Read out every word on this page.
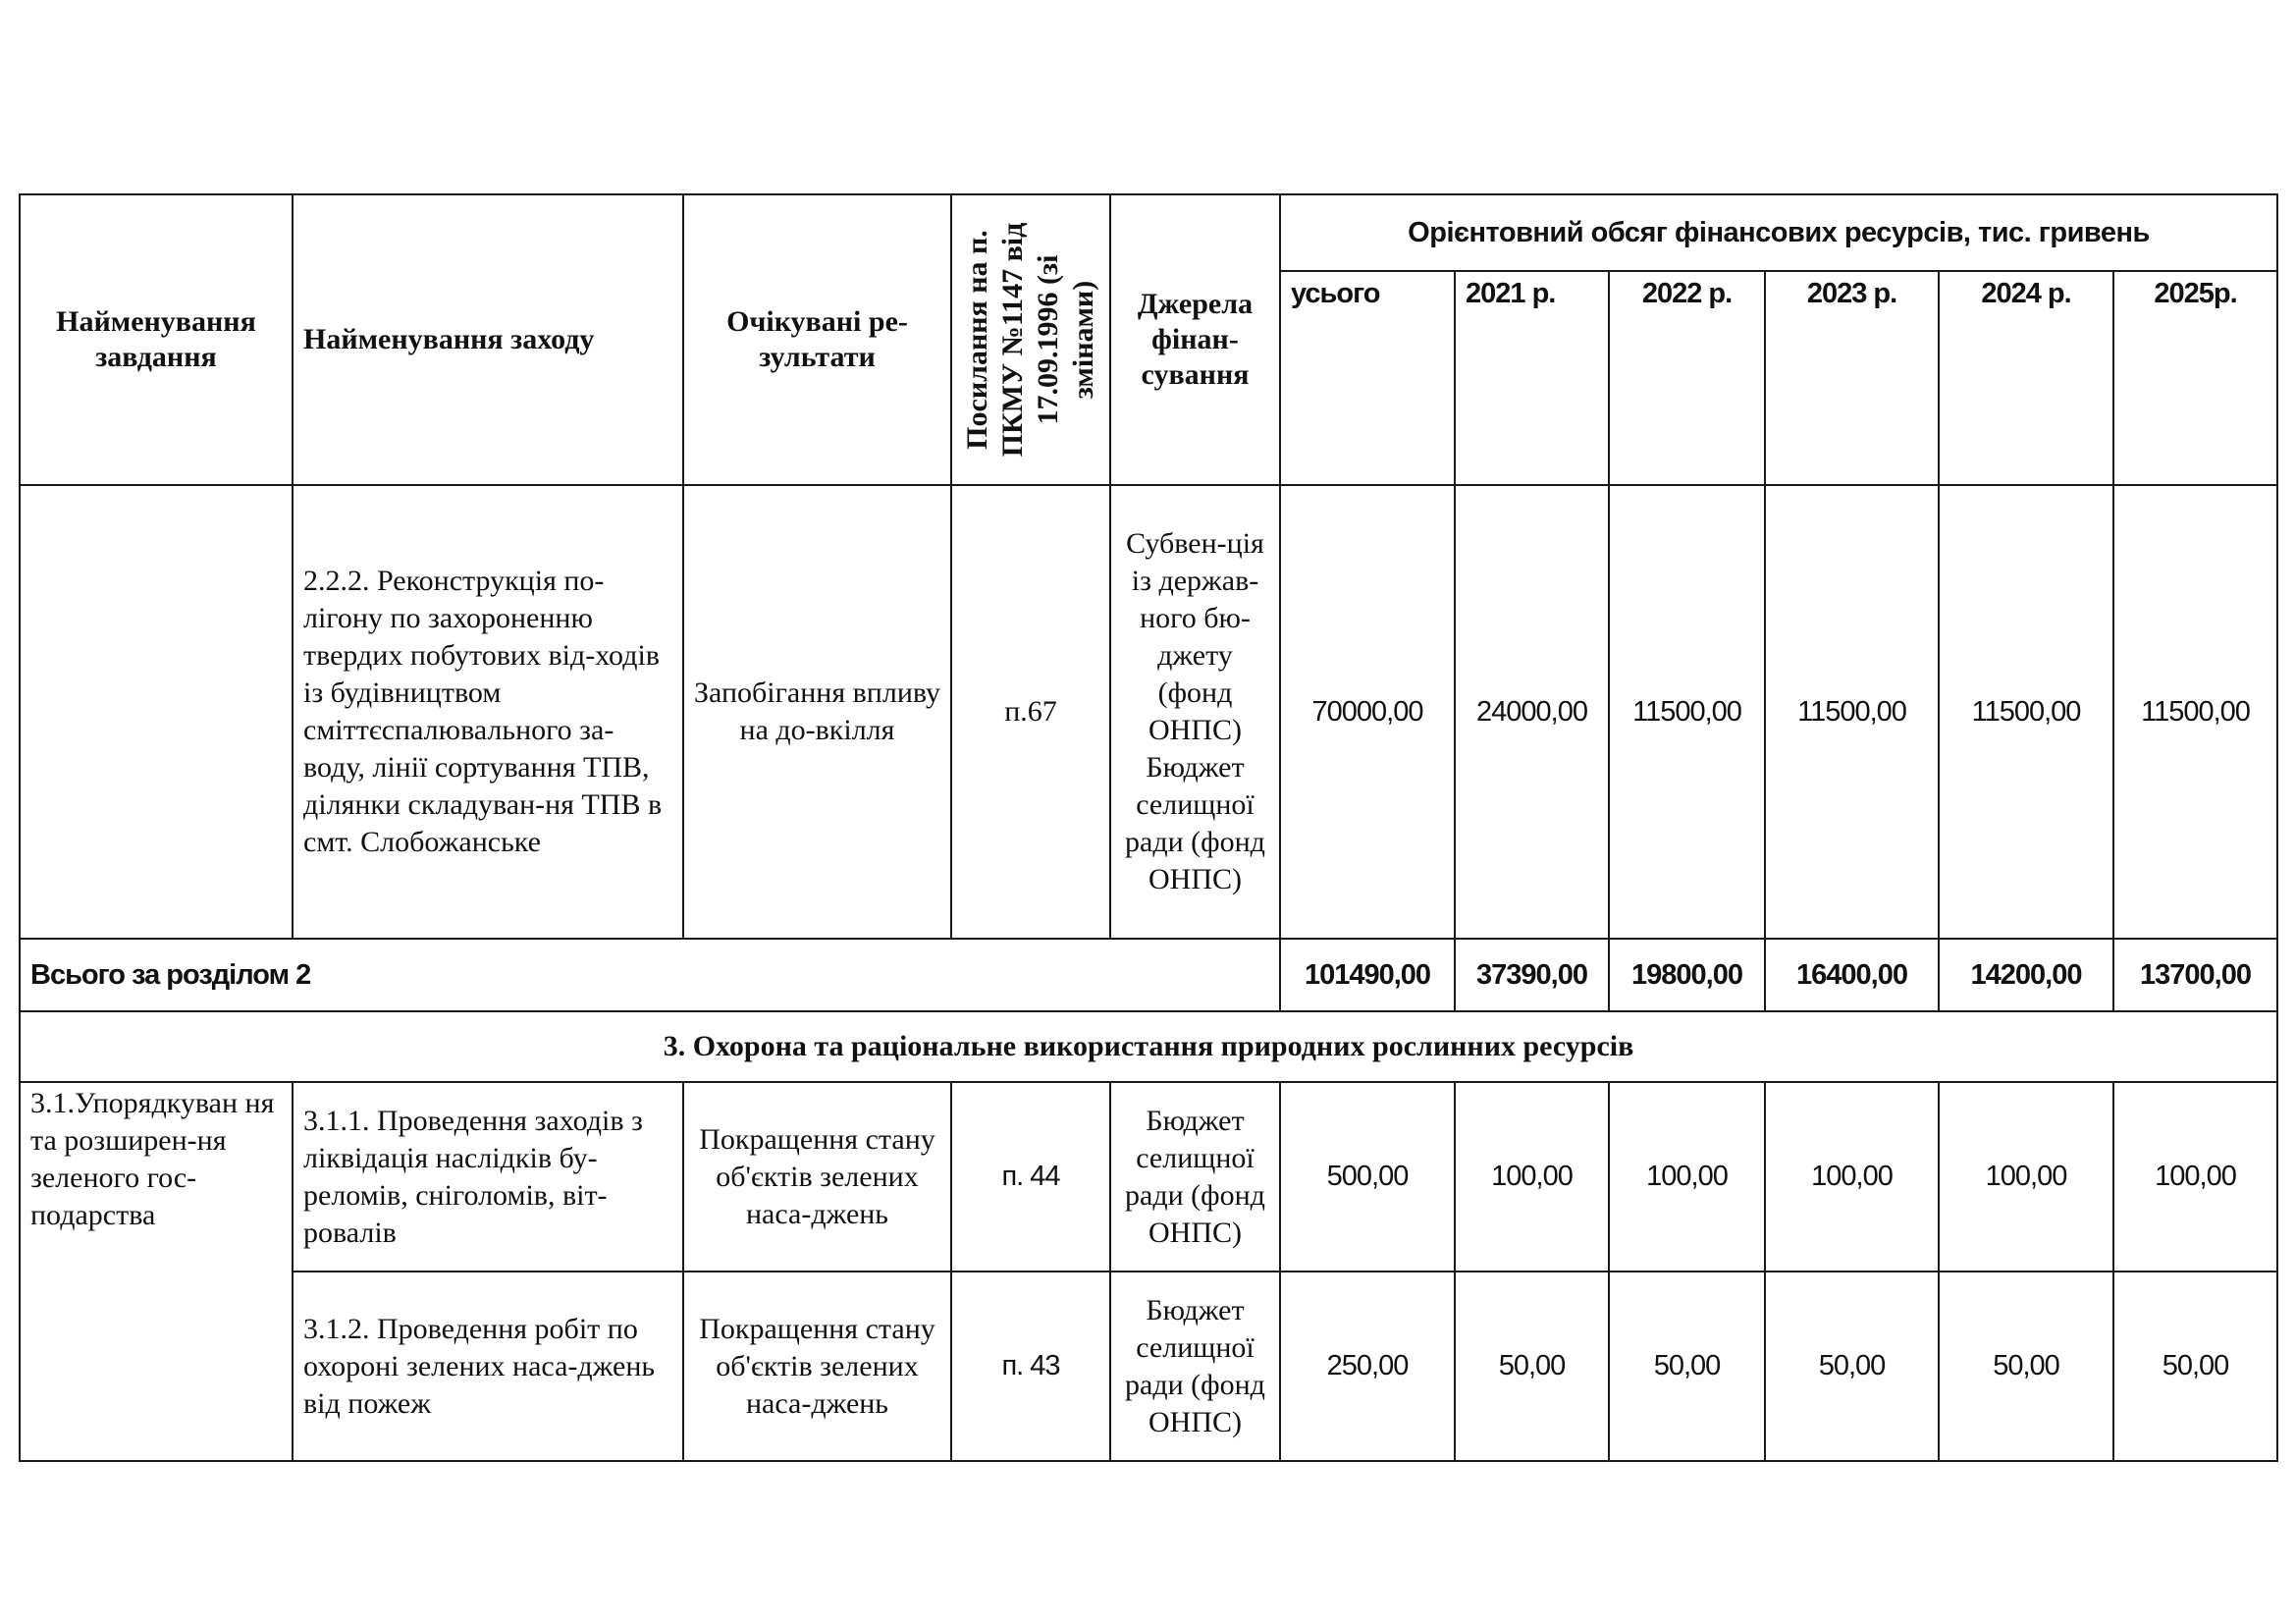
Найменування завдання	Найменування заходу	Очікувані ре-зультати	Посилання на п. ПКМУ №1147 від 17.09.1996 (зі змінами)	Джерела фінан-сування	Орієнтовний обсяг фінансових ресурсів, тис. гривень					
					усього	2021 р.	2022 р.	2023 р.	2024 р.	2025р.
	2.2.2. Реконструкція по-лігону по захороненню твердих побутових від-ходів із будівництвом сміттєспалювального за-воду, лінії сортування ТПВ, ділянки складуван-ня ТПВ в смт. Слобожанське	Запобігання впливу на до-вкілля	п.67	Субвен-ція із держав-ного бю-джету (фонд ОНПС) Бюджет селищної ради (фонд ОНПС)	70000,00	24000,00	11500,00	11500,00	11500,00	11500,00
Всього за розділом 2					101490,00	37390,00	19800,00	16400,00	14200,00	13700,00
3. Охорона та раціональне використання природних рослинних ресурсів										
3.1.Упорядкуван ня та розширен-ня зеленого гос-подарства	3.1.1. Проведення заходів з ліквідація наслідків бу-реломів, сніголомів, віт-ровалів	Покращення стану об'єктів зелених наса-джень	п. 44	Бюджет селищної ради (фонд ОНПС)	500,00	100,00	100,00	100,00	100,00	100,00
	3.1.2. Проведення робіт по охороні зелених наса-джень від пожеж	Покращення стану об'єктів зелених наса-джень	п. 43	Бюджет селищної ради (фонд ОНПС)	250,00	50,00	50,00	50,00	50,00	50,00
